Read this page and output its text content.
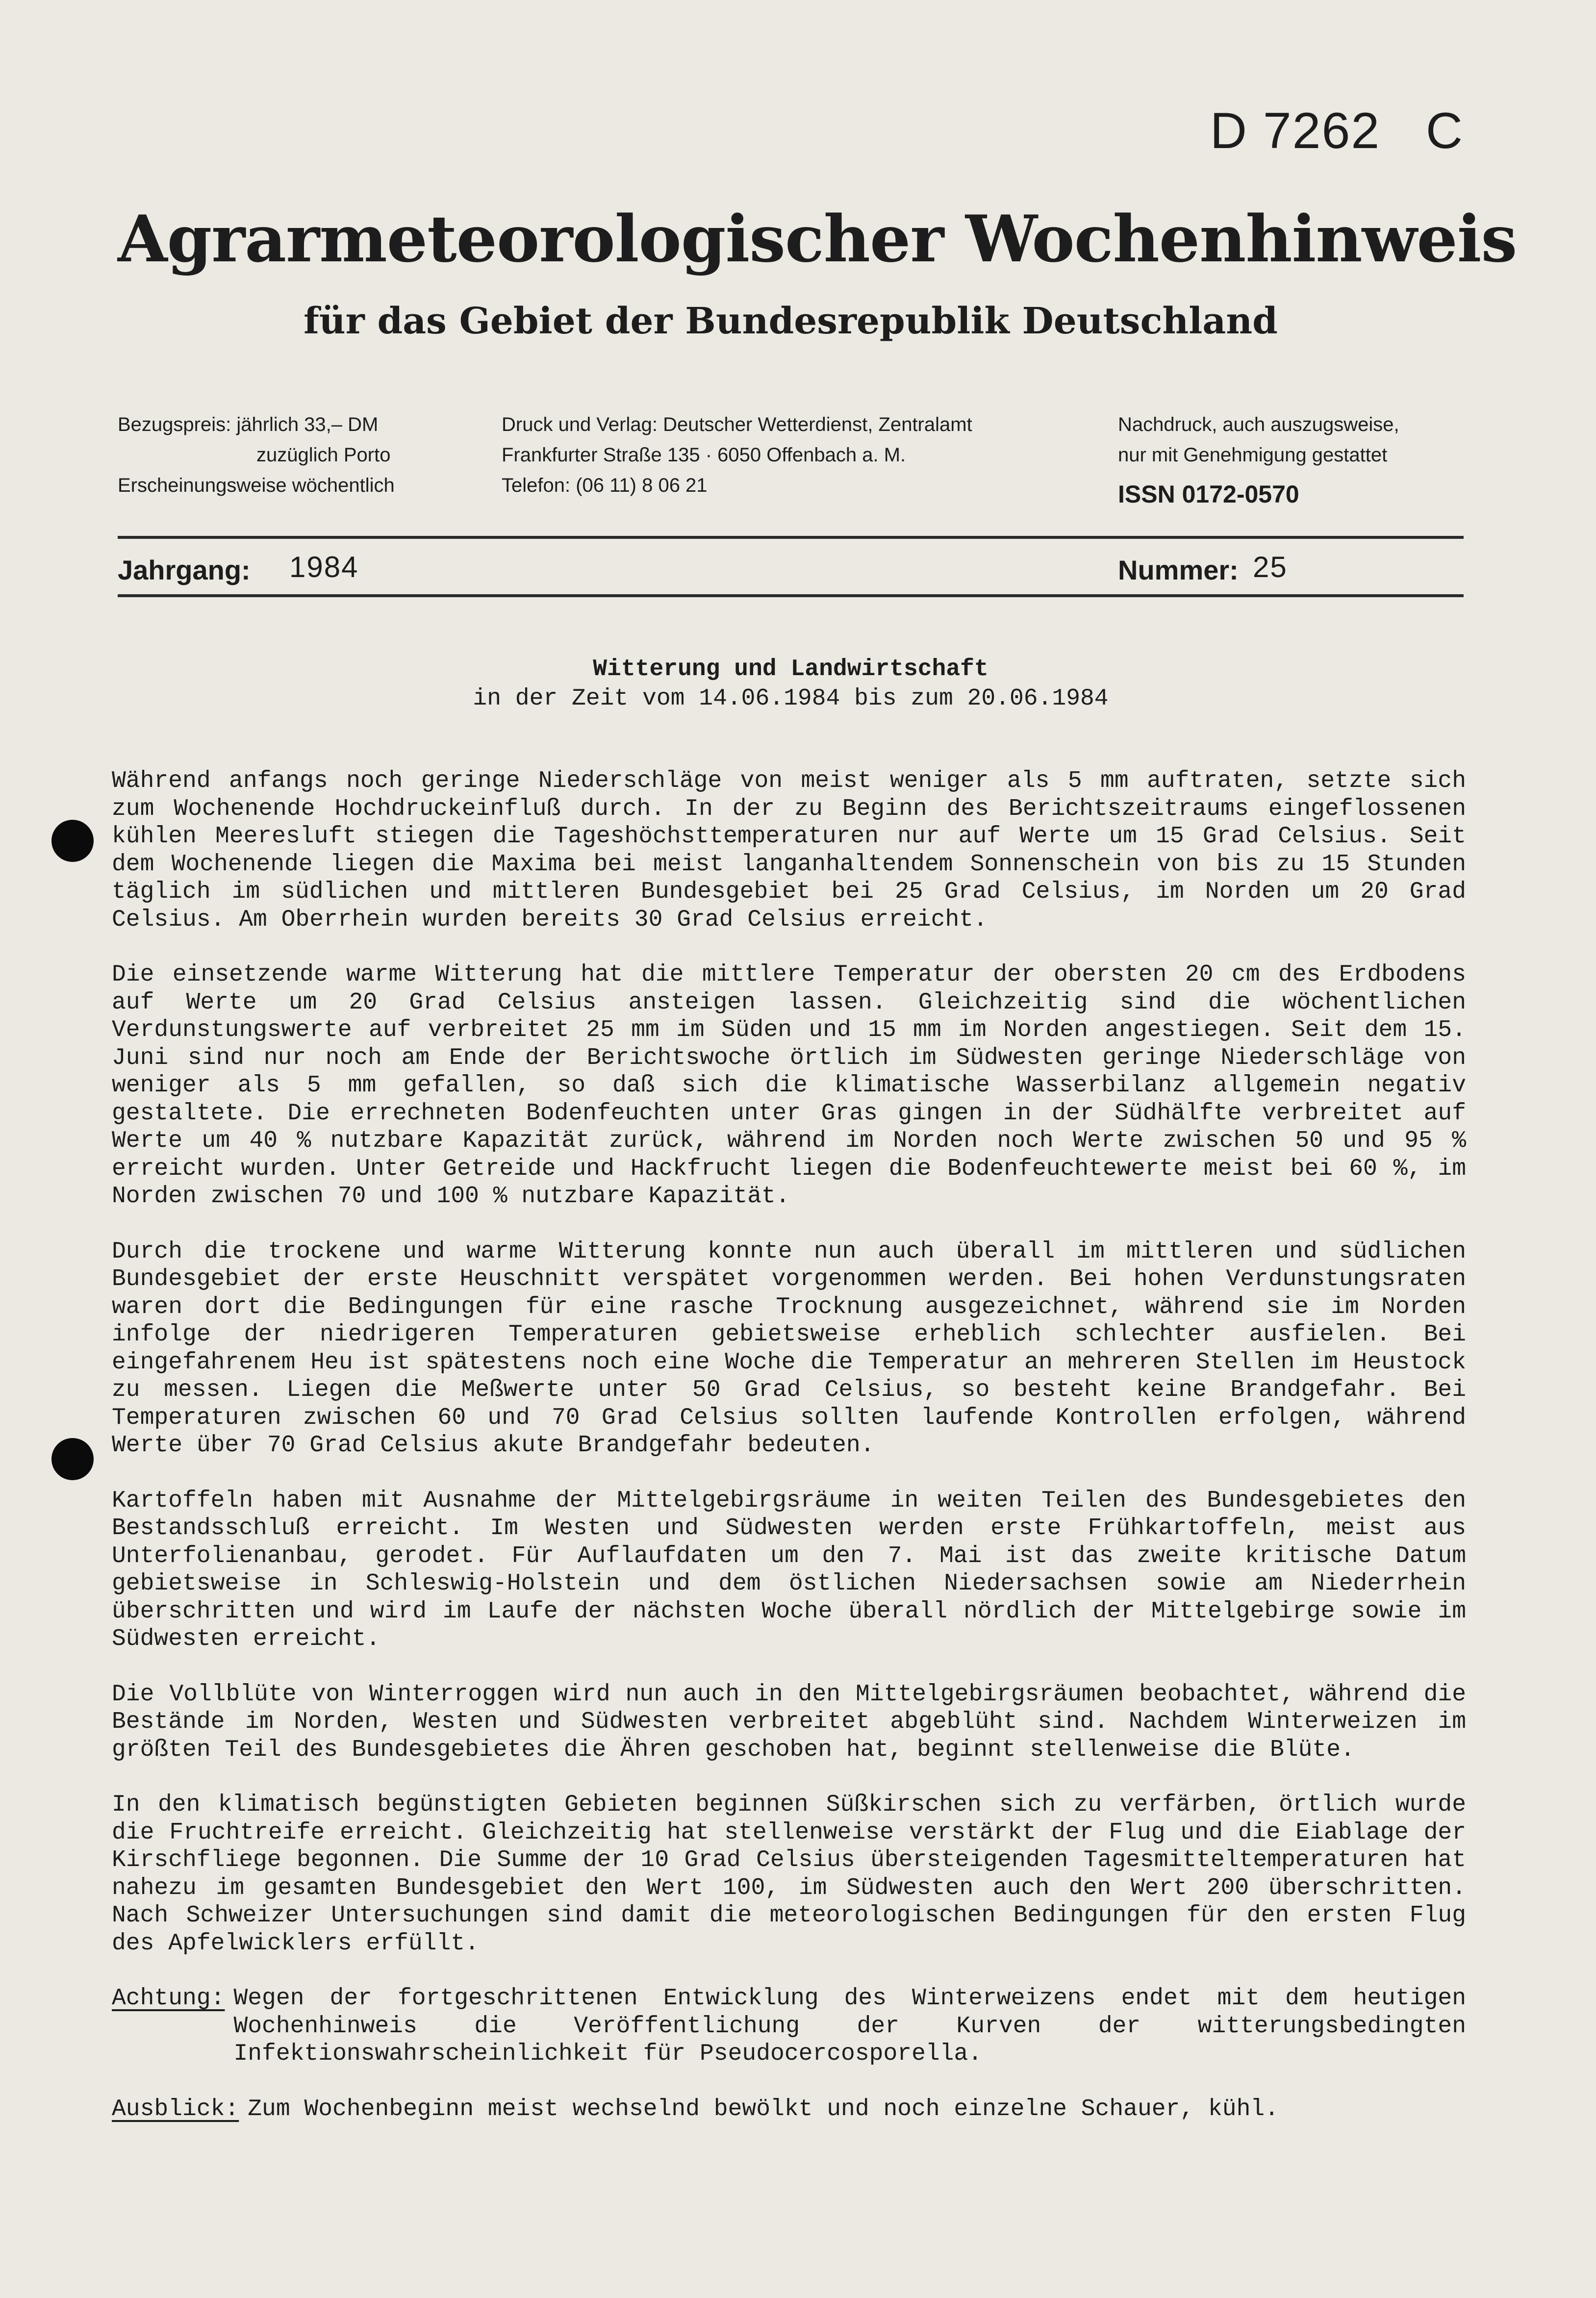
D 7262   C
Agrarmeteorologischer Wochenhinweis
für das Gebiet der Bundesrepublik Deutschland
Bezugspreis: jährlich 33,– DM
zuzüglich Porto
Erscheinungsweise wöchentlich
Druck und Verlag: Deutscher Wetterdienst, Zentralamt
Frankfurter Straße 135 · 6050 Offenbach a. M.
Telefon: (06 11) 8 06 21
Nachdruck, auch auszugsweise,
nur mit Genehmigung gestattet
ISSN 0172-0570
Jahrgang: 1984	Nummer: 25
Witterung und Landwirtschaft
in der Zeit vom 14.06.1984 bis zum 20.06.1984

Während anfangs noch geringe Niederschläge von meist weniger als 5 mm auftraten, setzte sich zum Wochenende Hochdruckeinfluß durch. In der zu Beginn des Berichtszeitraums eingeflossenen kühlen Meeresluft stiegen die Tageshöchsttemperaturen nur auf Werte um 15 Grad Celsius. Seit dem Wochenende liegen die Maxima bei meist langanhaltendem Sonnenschein von bis zu 15 Stunden täglich im südlichen und mittleren Bundesgebiet bei 25 Grad Celsius, im Norden um 20 Grad Celsius. Am Oberrhein wurden bereits 30 Grad Celsius erreicht.

Die einsetzende warme Witterung hat die mittlere Temperatur der obersten 20 cm des Erdbodens auf Werte um 20 Grad Celsius ansteigen lassen. Gleichzeitig sind die wöchentlichen Verdunstungswerte auf verbreitet 25 mm im Süden und 15 mm im Norden angestiegen. Seit dem 15. Juni sind nur noch am Ende der Berichtswoche örtlich im Südwesten geringe Niederschläge von weniger als 5 mm gefallen, so daß sich die klimatische Wasserbilanz allgemein negativ gestaltete. Die errechneten Bodenfeuchten unter Gras gingen in der Südhälfte verbreitet auf Werte um 40 % nutzbare Kapazität zurück, während im Norden noch Werte zwischen 50 und 95 % erreicht wurden. Unter Getreide und Hackfrucht liegen die Bodenfeuchtewerte meist bei 60 %, im Norden zwischen 70 und 100 % nutzbare Kapazität.

Durch die trockene und warme Witterung konnte nun auch überall im mittleren und südlichen Bundesgebiet der erste Heuschnitt verspätet vorgenommen werden. Bei hohen Verdunstungsraten waren dort die Bedingungen für eine rasche Trocknung ausgezeichnet, während sie im Norden infolge der niedrigeren Temperaturen gebietsweise erheblich schlechter ausfielen. Bei eingefahrenem Heu ist spätestens noch eine Woche die Temperatur an mehreren Stellen im Heustock zu messen. Liegen die Meßwerte unter 50 Grad Celsius, so besteht keine Brandgefahr. Bei Temperaturen zwischen 60 und 70 Grad Celsius sollten laufende Kontrollen erfolgen, während Werte über 70 Grad Celsius akute Brandgefahr bedeuten.

Kartoffeln haben mit Ausnahme der Mittelgebirgsräume in weiten Teilen des Bundesgebietes den Bestandsschluß erreicht. Im Westen und Südwesten werden erste Frühkartoffeln, meist aus Unterfolienanbau, gerodet. Für Auflaufdaten um den 7. Mai ist das zweite kritische Datum gebietsweise in Schleswig-Holstein und dem östlichen Niedersachsen sowie am Niederrhein überschritten und wird im Laufe der nächsten Woche überall nördlich der Mittelgebirge sowie im Südwesten erreicht.

Die Vollblüte von Winterroggen wird nun auch in den Mittelgebirgsräumen beobachtet, während die Bestände im Norden, Westen und Südwesten verbreitet abgeblüht sind. Nachdem Winterweizen im größten Teil des Bundesgebietes die Ähren geschoben hat, beginnt stellenweise die Blüte.

In den klimatisch begünstigten Gebieten beginnen Süßkirschen sich zu verfärben, örtlich wurde die Fruchtreife erreicht. Gleichzeitig hat stellenweise verstärkt der Flug und die Eiablage der Kirschfliege begonnen. Die Summe der 10 Grad Celsius übersteigenden Tagesmitteltemperaturen hat nahezu im gesamten Bundesgebiet den Wert 100, im Südwesten auch den Wert 200 überschritten. Nach Schweizer Untersuchungen sind damit die meteorologischen Bedingungen für den ersten Flug des Apfelwicklers erfüllt.

Achtung: Wegen der fortgeschrittenen Entwicklung des Winterweizens endet mit dem heutigen Wochenhinweis die Veröffentlichung der Kurven der witterungsbedingten Infektionswahrscheinlichkeit für Pseudocercosporella.
Ausblick: Zum Wochenbeginn meist wechselnd bewölkt und noch einzelne Schauer, kühl.
